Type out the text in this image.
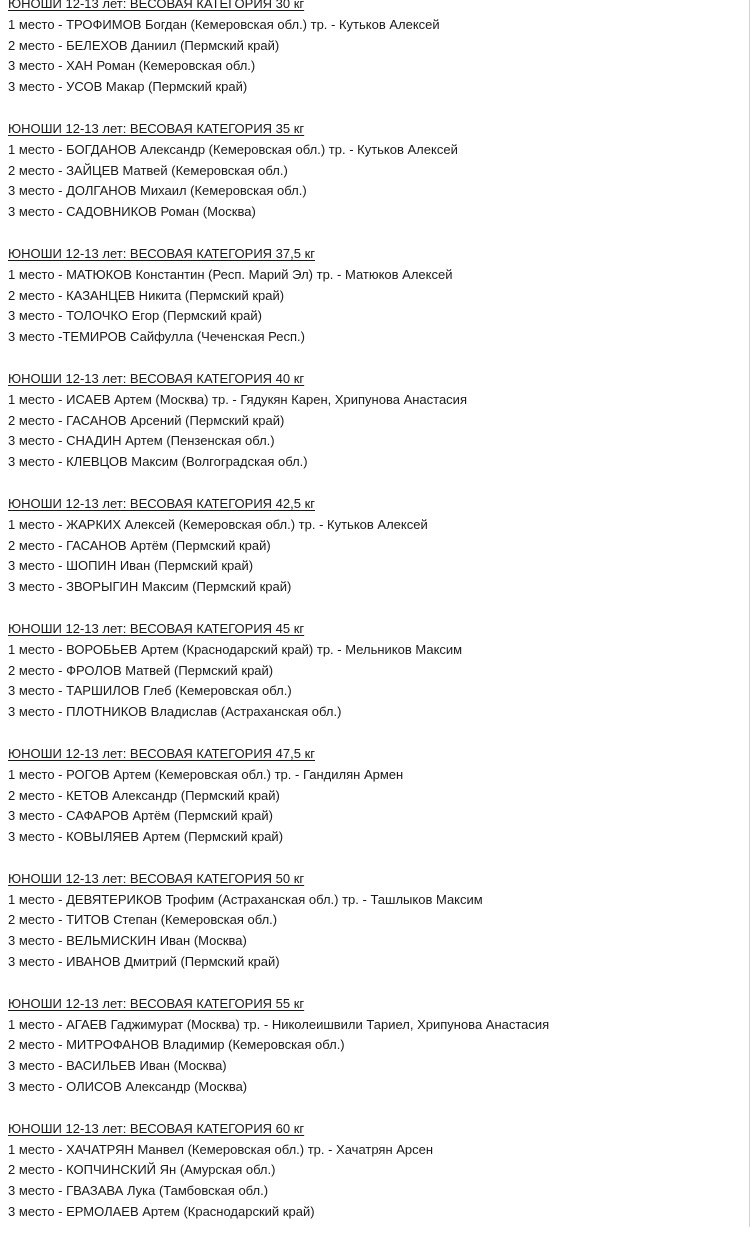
ЮНОШИ 12-13 лет: ВЕСОВАЯ КАТЕГОРИЯ 30 кг
1 место - ТРОФИМОВ Богдан (Кемеровская обл.) тр. - Кутьков Алексей
2 место - БЕЛЕХОВ Даниил (Пермский край)
3 место - ХАН Роман (Кемеровская обл.)
3 место - УСОВ Макар (Пермский край)
ЮНОШИ 12-13 лет: ВЕСОВАЯ КАТЕГОРИЯ 35 кг
1 место - БОГДАНОВ Александр (Кемеровская обл.) тр. - Кутьков Алексей
2 место - ЗАЙЦЕВ Матвей (Кемеровская обл.)
3 место - ДОЛГАНОВ Михаил (Кемеровская обл.)
3 место - САДОВНИКОВ Роман (Москва)
ЮНОШИ 12-13 лет: ВЕСОВАЯ КАТЕГОРИЯ 37,5 кг
1 место - МАТЮКОВ Константин (Респ. Марий Эл) тр. - Матюков Алексей
2 место - КАЗАНЦЕВ Никита (Пермский край)
3 место - ТОЛОЧКО Егор (Пермский край)
3 место -ТЕМИРОВ Сайфулла (Чеченская Респ.)
ЮНОШИ 12-13 лет: ВЕСОВАЯ КАТЕГОРИЯ 40 кг
1 место - ИСАЕВ Артем (Москва) тр. - Гядукян Карен, Хрипунова Анастасия
2 место - ГАСАНОВ Арсений (Пермский край)
3 место - СНАДИН Артем (Пензенская обл.)
3 место - КЛЕВЦОВ Максим (Волгоградская обл.)
ЮНОШИ 12-13 лет: ВЕСОВАЯ КАТЕГОРИЯ 42,5 кг
1 место - ЖАРКИХ Алексей (Кемеровская обл.) тр. - Кутьков Алексей
2 место - ГАСАНОВ Артём (Пермский край)
3 место - ШОПИН Иван (Пермский край)
3 место - ЗВОРЫГИН Максим (Пермский край)
ЮНОШИ 12-13 лет: ВЕСОВАЯ КАТЕГОРИЯ 45 кг
1 место - ВОРОБЬЕВ Артем (Краснодарский край) тр. - Мельников Максим
2 место - ФРОЛОВ Матвей (Пермский край)
3 место - ТАРШИЛОВ Глеб (Кемеровская обл.)
3 место - ПЛОТНИКОВ Владислав (Астраханская обл.)
ЮНОШИ 12-13 лет: ВЕСОВАЯ КАТЕГОРИЯ 47,5 кг
1 место - РОГОВ Артем (Кемеровская обл.) тр. - Гандилян Армен
2 место - КЕТОВ Александр (Пермский край)
3 место - САФАРОВ Артём (Пермский край)
3 место - КОВЫЛЯЕВ Артем (Пермский край)
ЮНОШИ 12-13 лет: ВЕСОВАЯ КАТЕГОРИЯ 50 кг
1 место - ДЕВЯТЕРИКОВ Трофим (Астраханская обл.) тр. - Ташлыков Максим
2 место - ТИТОВ Степан (Кемеровская обл.)
3 место - ВЕЛЬМИСКИН Иван (Москва)
3 место - ИВАНОВ Дмитрий (Пермский край)
ЮНОШИ 12-13 лет: ВЕСОВАЯ КАТЕГОРИЯ 55 кг
1 место - АГАЕВ Гаджимурат (Москва) тр. - Николеишвили Тариел, Хрипунова Анастасия
2 место - МИТРОФАНОВ Владимир (Кемеровская обл.)
3 место - ВАСИЛЬЕВ Иван (Москва)
3 место - ОЛИСОВ Александр (Москва)
ЮНОШИ 12-13 лет: ВЕСОВАЯ КАТЕГОРИЯ 60 кг
1 место - ХАЧАТРЯН Манвел (Кемеровская обл.) тр. - Хачатрян Арсен
2 место - КОПЧИНСКИЙ Ян (Амурская обл.)
3 место - ГВАЗАВА Лука (Тамбовская обл.)
3 место - ЕРМОЛАЕВ Артем (Краснодарский край)
